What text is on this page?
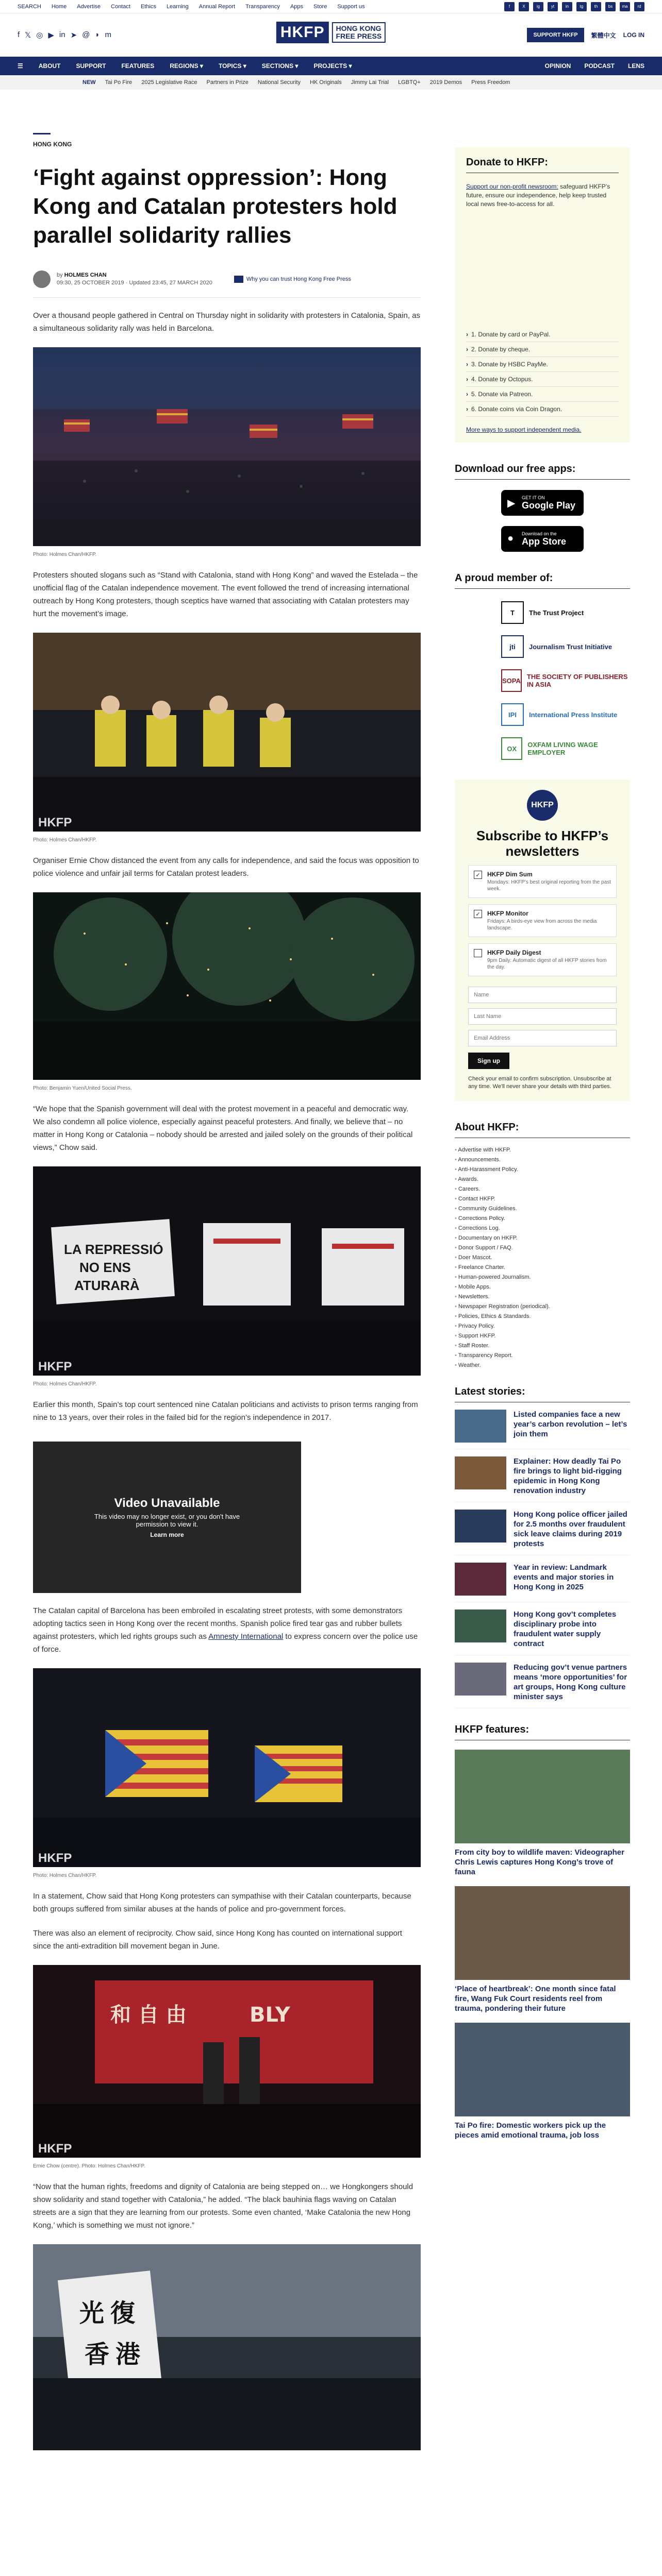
SEARCH Home Advertise Contact Ethics Learning Annual Report Transparency Apps Store Support us	f	X	ig	yt	in	tg	th	bs	ma	rd
f 𝕏 ◎ ▶ in ➤ @ ◗ m	HKFP	HONG KONG
FREE PRESS	SUPPORT HKFP	繁體中文 LOG IN
☰	ABOUT	SUPPORT	FEATURES	REGIONS ▾	TOPICS ▾	SECTIONS ▾	PROJECTS ▾	OPINION PODCAST LENS
NEW Tai Po Fire 2025 Legislative Race Partners in Prize National Security HK Originals Jimmy Lai Trial LGBTQ+ 2019 Demos Press Freedom
HONG KONG
‘Fight against oppression’: Hong Kong and Catalan protesters hold parallel solidarity rallies
by HOLMES CHAN
09:30, 25 OCTOBER 2019 · Updated 23:45, 27 MARCH 2020
Why you can trust Hong Kong Free Press

Over a thousand people gathered in Central on Thursday night in solidarity with protesters in Catalonia, Spain, as a simultaneous solidarity rally was held in Barcelona.

Photo: Holmes Chan/HKFP.

Protesters shouted slogans such as “Stand with Catalonia, stand with Hong Kong” and waved the Estelada – the unofficial flag of the Catalan independence movement. The event followed the trend of increasing international outreach by Hong Kong protesters, though sceptics have warned that associating with Catalan protesters may hurt the movement’s image.

HKFP
Photo: Holmes Chan/HKFP.

Organiser Ernie Chow distanced the event from any calls for independence, and said the focus was opposition to police violence and unfair jail terms for Catalan protest leaders.

Photo: Benjamin Yuen/United Social Press.

“We hope that the Spanish government will deal with the protest movement in a peaceful and democratic way. We also condemn all police violence, especially against peaceful protesters. And finally, we believe that – no matter in Hong Kong or Catalonia – nobody should be arrested and jailed solely on the grounds of their political views,” Chow said.

LA REPRESSIÓ
NO ENS
ATURARÀ
HKFP
Photo: Holmes Chan/HKFP.

Earlier this month, Spain’s top court sentenced nine Catalan politicians and activists to prison terms ranging from nine to 13 years, over their roles in the failed bid for the region’s independence in 2017.

Video Unavailable
This video may no longer exist, or you don't have permission to view it.
Learn more

The Catalan capital of Barcelona has been embroiled in escalating street protests, with some demonstrators adopting tactics seen in Hong Kong over the recent months. Spanish police fired tear gas and rubber bullets against protesters, which led rights groups such as Amnesty International to express concern over the police use of force.

HKFP
Photo: Holmes Chan/HKFP.

In a statement, Chow said that Hong Kong protesters can sympathise with their Catalan counterparts, because both groups suffered from similar abuses at the hands of police and pro-government forces.

There was also an element of reciprocity. Chow said, since Hong Kong has counted on international support since the anti-extradition bill movement began in June.

和 自 由	BLY
HKFP
Ernie Chow (centre). Photo: Holmes Chan/HKFP.

“Now that the human rights, freedoms and dignity of Catalonia are being stepped on… we Hongkongers should show solidarity and stand together with Catalonia,” he added. “The black bauhinia flags waving on Catalan streets are a sign that they are learning from our protests. Some even chanted, ‘Make Catalonia the new Hong Kong,’ which is something we must not ignore.”

光 復
香 港
Donate to HKFP:
Support our non-profit newsroom: safeguard HKFP’s future, ensure our independence, help keep trusted local news free-to-access for all.
› 1. Donate by card or PayPal.
› 2. Donate by cheque.
› 3. Donate by HSBC PayMe.
› 4. Donate by Octopus.
› 5. Donate via Patreon.
› 6. Donate coins via Coin Dragon.
More ways to support independent media.
Download our free apps:
▶
GET IT ON
Google Play
● Download on the
App Store
A proud member of:
T	The Trust Project
jti	Journalism Trust Initiative
SOPA THE SOCIETY OF PUBLISHERS IN ASIA
IPI	International Press Institute
OX	OXFAM LIVING WAGE EMPLOYER
HKFP
Subscribe to HKFP’s newsletters
✓ HKFP Dim Sum
Mondays: HKFP’s best original reporting from the past week.
✓ HKFP Monitor
Fridays: A birds-eye view from across the media landscape.
HKFP Daily Digest
9pm Daily: Automatic digest of all HKFP stories from the day.
Name Last Name Email Address
Sign up
Check your email to confirm subscription. Unsubscribe at any time. We'll never share your details with third parties.
About HKFP:
• Advertise with HKFP.
• Announcements.
• Anti-Harassment Policy.
• Awards.
• Careers.
• Contact HKFP.
• Community Guidelines.
• Corrections Policy.
• Corrections Log.
• Documentary on HKFP.
• Donor Support / FAQ.
• Doer Mascot.
• Freelance Charter.
• Human-powered Journalism.
• Mobile Apps.
• Newsletters.
• Newspaper Registration (periodical).
• Policies, Ethics & Standards.
• Privacy Policy.
• Support HKFP.
• Staff Roster.
• Transparency Report.
• Weather.
Latest stories:
Listed companies face a new year’s carbon revolution – let’s join them
Explainer: How deadly Tai Po fire brings to light bid-rigging epidemic in Hong Kong renovation industry
Hong Kong police officer jailed for 2.5 months over fraudulent sick leave claims during 2019 protests
Year in review: Landmark events and major stories in Hong Kong in 2025
Hong Kong gov’t completes disciplinary probe into fraudulent water supply contract
Reducing gov’t venue partners means ‘more opportunities’ for art groups, Hong Kong culture minister says
HKFP features:
From city boy to wildlife maven: Videographer Chris Lewis captures Hong Kong’s trove of fauna
‘Place of heartbreak’: One month since fatal fire, Wang Fuk Court residents reel from trauma, pondering their future
Tai Po fire: Domestic workers pick up the pieces amid emotional trauma, job loss
